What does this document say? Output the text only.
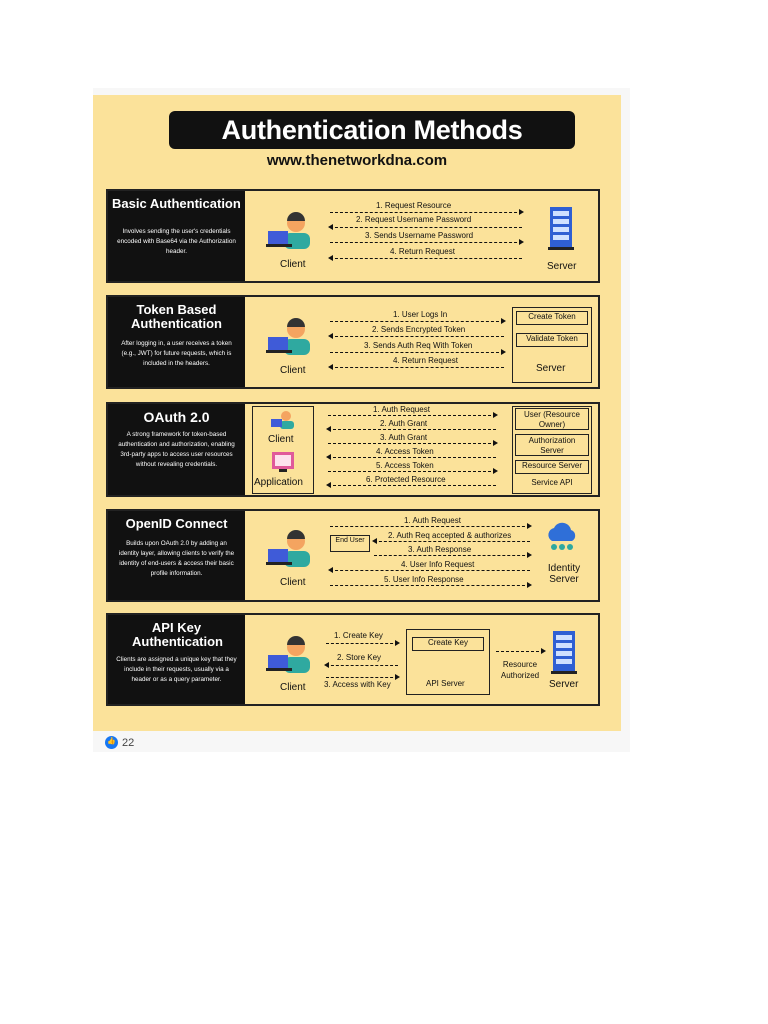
Authentication Methods
www.thenetworkdna.com
Basic Authentication
Involves sending the user's credentials encoded with Base64 via the Authorization header.
Client
1. Request Resource
2. Request Username Password
3. Sends Username Password
4. Return Request
Server
Token Based Authentication
After logging in, a user receives a token (e.g., JWT) for future requests, which is included in the headers.
Client
1. User Logs In
2. Sends Encrypted Token
3. Sends Auth Req With Token
4. Return Request
Create Token
Validate Token
Server
OAuth 2.0
A strong framework for token-based authentication and authorization, enabling 3rd-party apps to access user resources without revealing credentials.
Client
Application
1. Auth Request
2. Auth Grant
3. Auth Grant
4. Access Token
5. Access Token
6. Protected Resource
User (Resource Owner)
Authorization Server
Resource Server
Service API
OpenID Connect
Builds upon OAuth 2.0 by adding an identity layer, allowing clients to verify the identity of end-users & access their basic profile information.
Client
End User
1. Auth Request
2. Auth Req accepted & authorizes
3. Auth Response
4. User Info Request
5. User Info Response
Identity Server
API Key Authentication
Clients are assigned a unique key that they include in their requests, usually via a header or as a query parameter.
Client
1. Create Key
2. Store Key
3. Access with Key
Create Key
API Server
Resource Authorized
Server
👍
22
